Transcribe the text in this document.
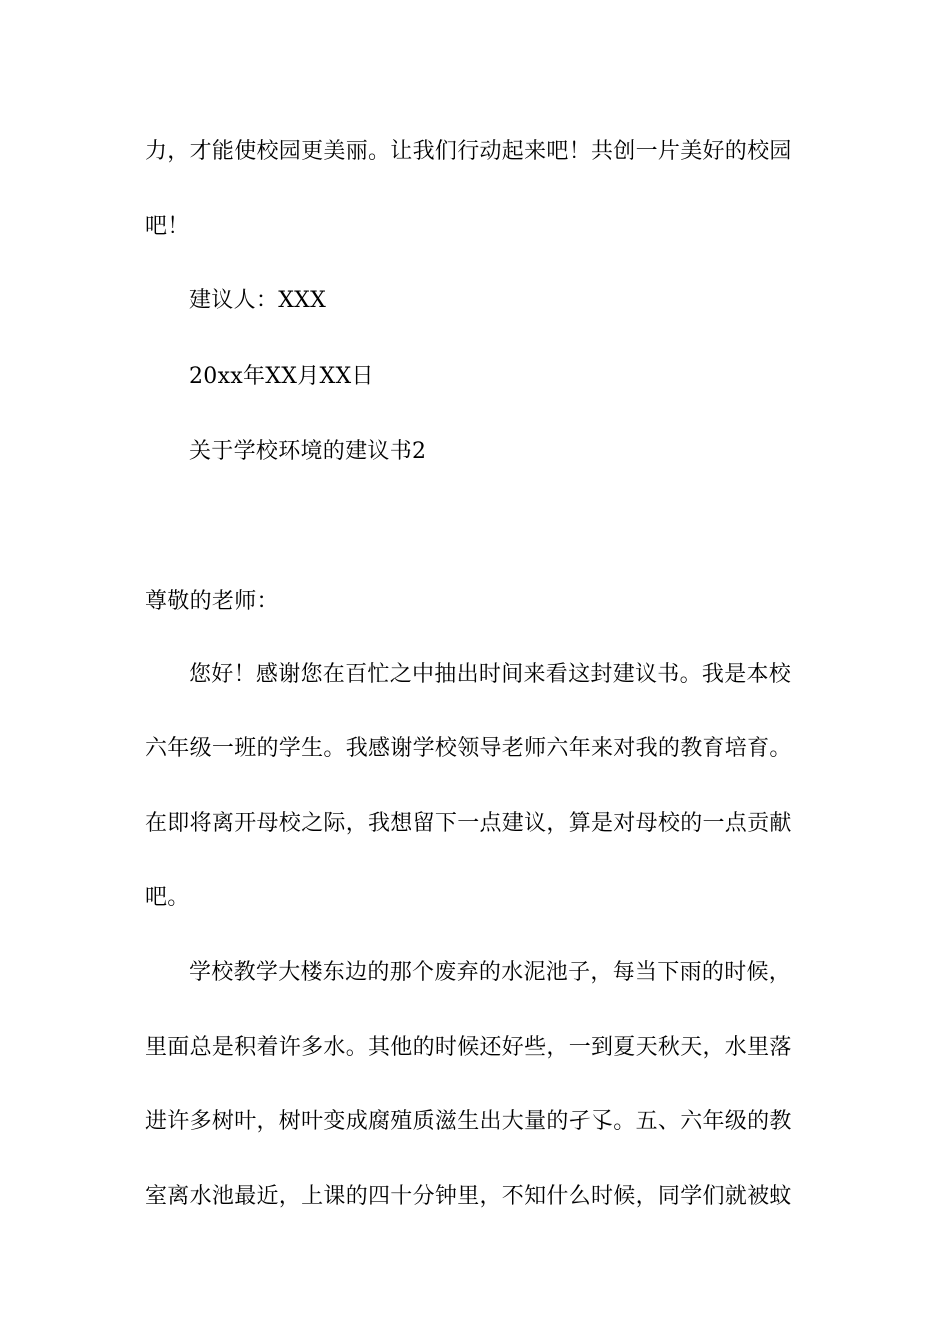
力，才能使校园更美丽。让我们行动起来吧！共创一片美好的校园
吧！
建议人：XXX
20xx年XX月XX日
关于学校环境的建议书2
尊敬的老师：
您好！感谢您在百忙之中抽出时间来看这封建议书。我是本校
六年级一班的学生。我感谢学校领导老师六年来对我的教育培育。
在即将离开母校之际，我想留下一点建议，算是对母校的一点贡献
吧。
学校教学大楼东边的那个废弃的水泥池子，每当下雨的时候，
里面总是积着许多水。其他的时候还好些，一到夏天秋天，水里落
进许多树叶，树叶变成腐殖质滋生出大量的孑孓。五、六年级的教
室离水池最近，上课的四十分钟里，不知什么时候，同学们就被蚊
